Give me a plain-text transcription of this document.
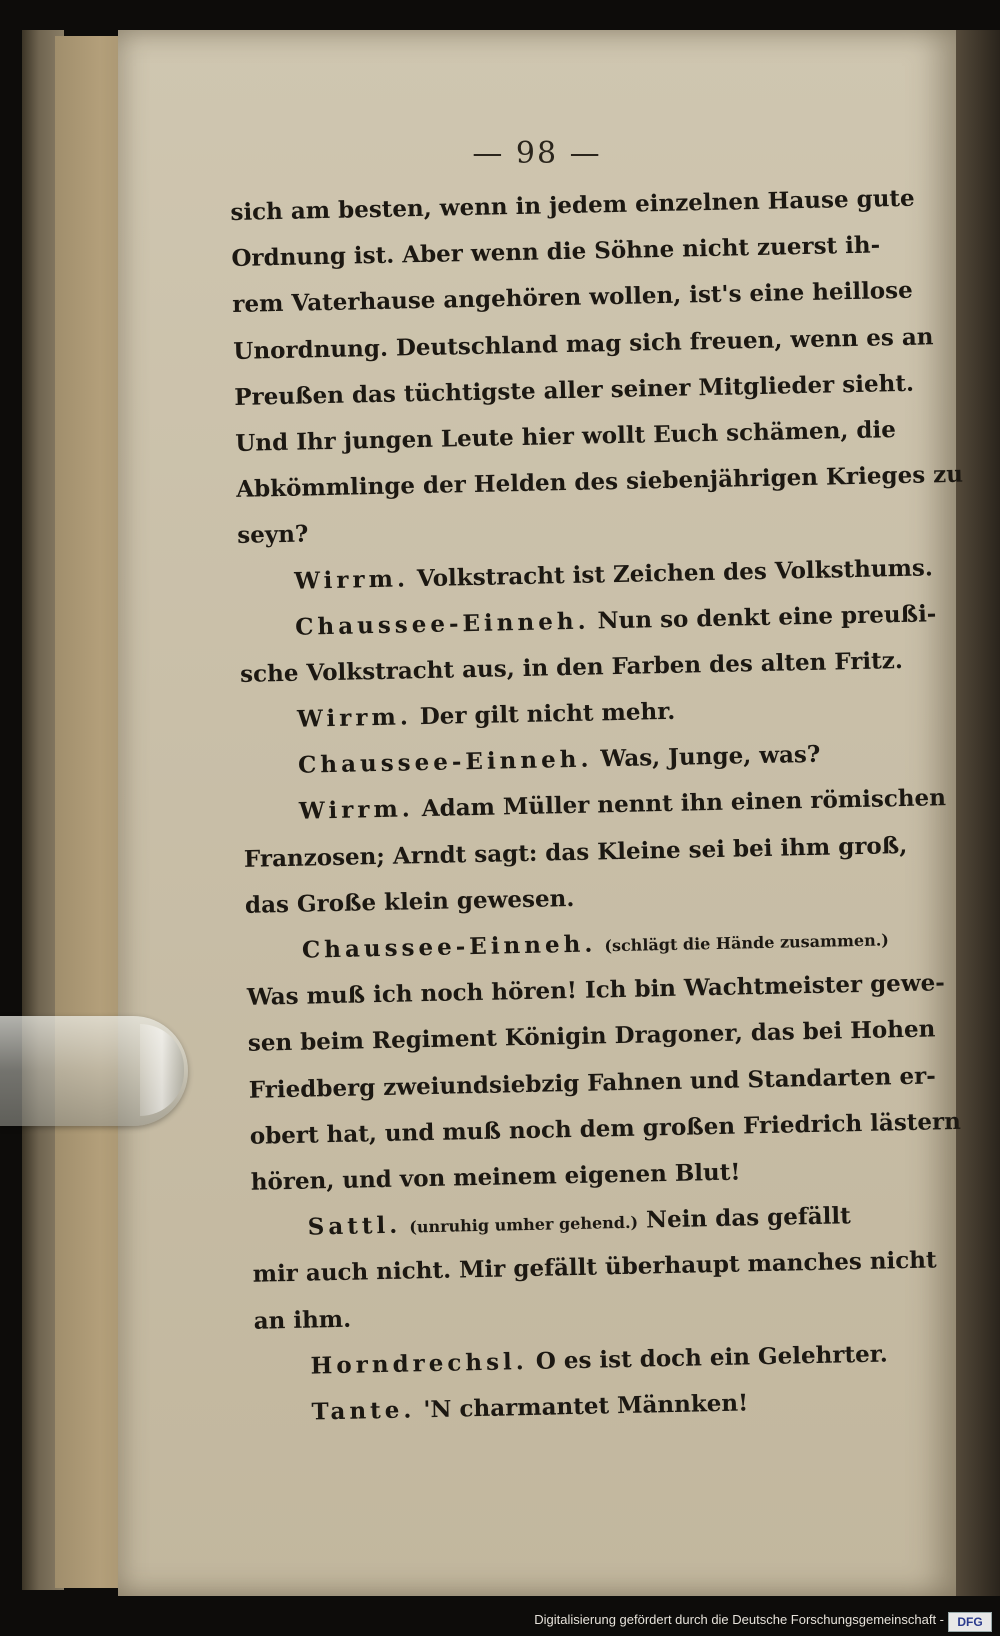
— 98 —
sich am besten, wenn in jedem einzelnen Hause gute
Ordnung ist. Aber wenn die Söhne nicht zuerst ih-
rem Vaterhause angehören wollen, ist's eine heillose
Unordnung. Deutschland mag sich freuen, wenn es an
Preußen das tüchtigste aller seiner Mitglieder sieht.
Und Ihr jungen Leute hier wollt Euch schämen, die
Abkömmlinge der Helden des siebenjährigen Krieges zu
seyn?
Wirrm. Volkstracht ist Zeichen des Volksthums.
Chaussee-Einneh. Nun so denkt eine preußi-
sche Volkstracht aus, in den Farben des alten Fritz.
Wirrm. Der gilt nicht mehr.
Chaussee-Einneh. Was, Junge, was?
Wirrm. Adam Müller nennt ihn einen römischen
Franzosen; Arndt sagt: das Kleine sei bei ihm groß,
das Große klein gewesen.
Chaussee-Einneh. (schlägt die Hände zusammen.)
Was muß ich noch hören! Ich bin Wachtmeister gewe-
sen beim Regiment Königin Dragoner, das bei Hohen
Friedberg zweiundsiebzig Fahnen und Standarten er-
obert hat, und muß noch dem großen Friedrich lästern
hören, und von meinem eigenen Blut!
Sattl. (unruhig umher gehend.) Nein das gefällt
mir auch nicht. Mir gefällt überhaupt manches nicht
an ihm.
Horndrechsl. O es ist doch ein Gelehrter.
Tante. 'N charmantet Männken!
Digitalisierung gefördert durch die Deutsche Forschungsgemeinschaft -	DFG
